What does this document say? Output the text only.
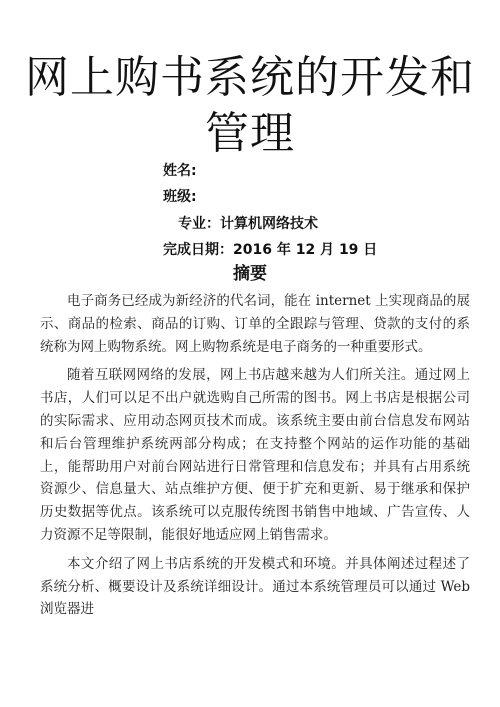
网上购书系统的开发和
管理
姓名:
班级:
专业：计算机网络技术
完成日期：2016 年 12 月 19 日
摘要

电子商务已经成为新经济的代名词，能在 internet 上实现商品的展示、商品的检索、商品的订购、订单的全跟踪与管理、贷款的支付的系统称为网上购物系统。网上购物系统是电子商务的一种重要形式。

随着互联网网络的发展，网上书店越来越为人们所关注。通过网上书店，人们可以足不出户就选购自己所需的图书。网上书店是根据公司的实际需求、应用动态网页技术而成。该系统主要由前台信息发布网站和后台管理维护系统两部分构成；在支持整个网站的运作功能的基础上，能帮助用户对前台网站进行日常管理和信息发布；并具有占用系统资源少、信息量大、站点维护方便、便于扩充和更新、易于继承和保护历史数据等优点。该系统可以克服传统图书销售中地域、广告宣传、人力资源不足等限制，能很好地适应网上销售需求。

本文介绍了网上书店系统的开发模式和环境。并具体阐述过程述了系统分析、概要设计及系统详细设计。通过本系统管理员可以通过 Web 浏览器进
